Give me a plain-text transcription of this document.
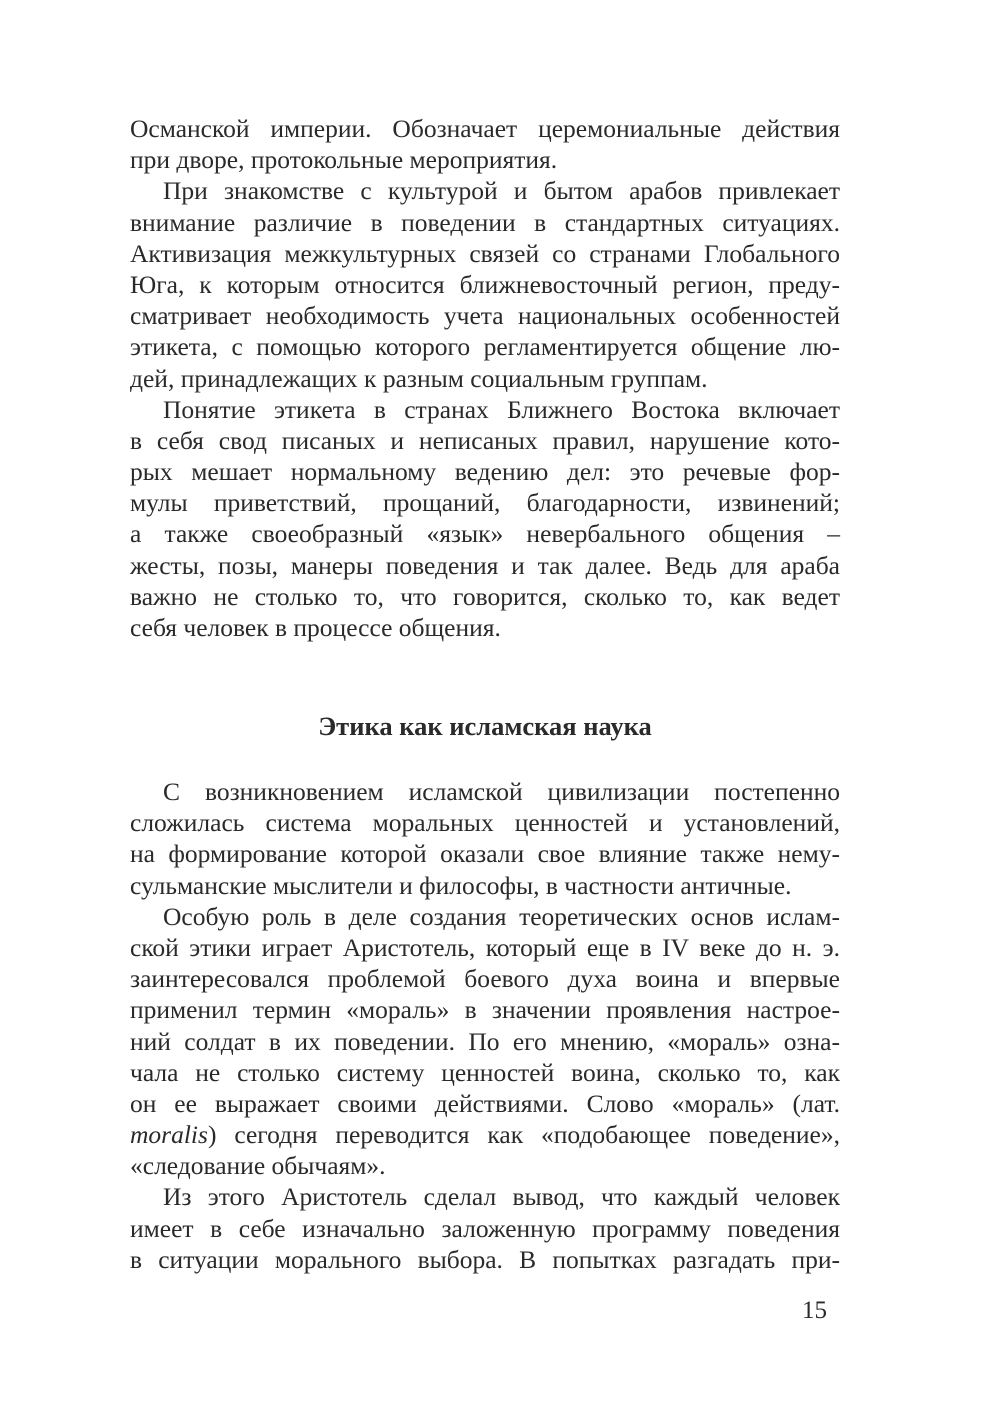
Османской империи. Обозначает церемониальные действия
при дворе, протокольные мероприятия.
При знакомстве с культурой и бытом арабов привлекает
внимание различие в поведении в стандартных ситуациях.
Активизация межкультурных связей со странами Глобального
Юга, к которым относится ближневосточный регион, преду-
сматривает необходимость учета национальных особенностей
этикета, с помощью которого регламентируется общение лю-
дей, принадлежащих к разным социальным группам.
Понятие этикета в странах Ближнего Востока включает
в себя свод писаных и неписаных правил, нарушение кото-
рых мешает нормальному ведению дел: это речевые фор-
мулы приветствий, прощаний, благодарности, извинений;
а также своеобразный «язык» невербального общения –
жесты, позы, манеры поведения и так далее. Ведь для араба
важно не столько то, что говорится, сколько то, как ведет
себя человек в процессе общения.
Этика как исламская наука
С возникновением исламской цивилизации постепенно
сложилась система моральных ценностей и установлений,
на формирование которой оказали свое влияние также нему-
сульманские мыслители и философы, в частности античные.
Особую роль в деле создания теоретических основ ислам-
ской этики играет Аристотель, который еще в IV веке до н. э.
заинтересовался проблемой боевого духа воина и впервые
применил термин «мораль» в значении проявления настрое-
ний солдат в их поведении. По его мнению, «мораль» озна-
чала не столько систему ценностей воина, сколько то, как
он ее выражает своими действиями. Слово «мораль» (лат.
moralis) сегодня переводится как «подобающее поведение»,
«следование обычаям».
Из этого Аристотель сделал вывод, что каждый человек
имеет в себе изначально заложенную программу поведения
в ситуации морального выбора. В попытках разгадать при-
15
